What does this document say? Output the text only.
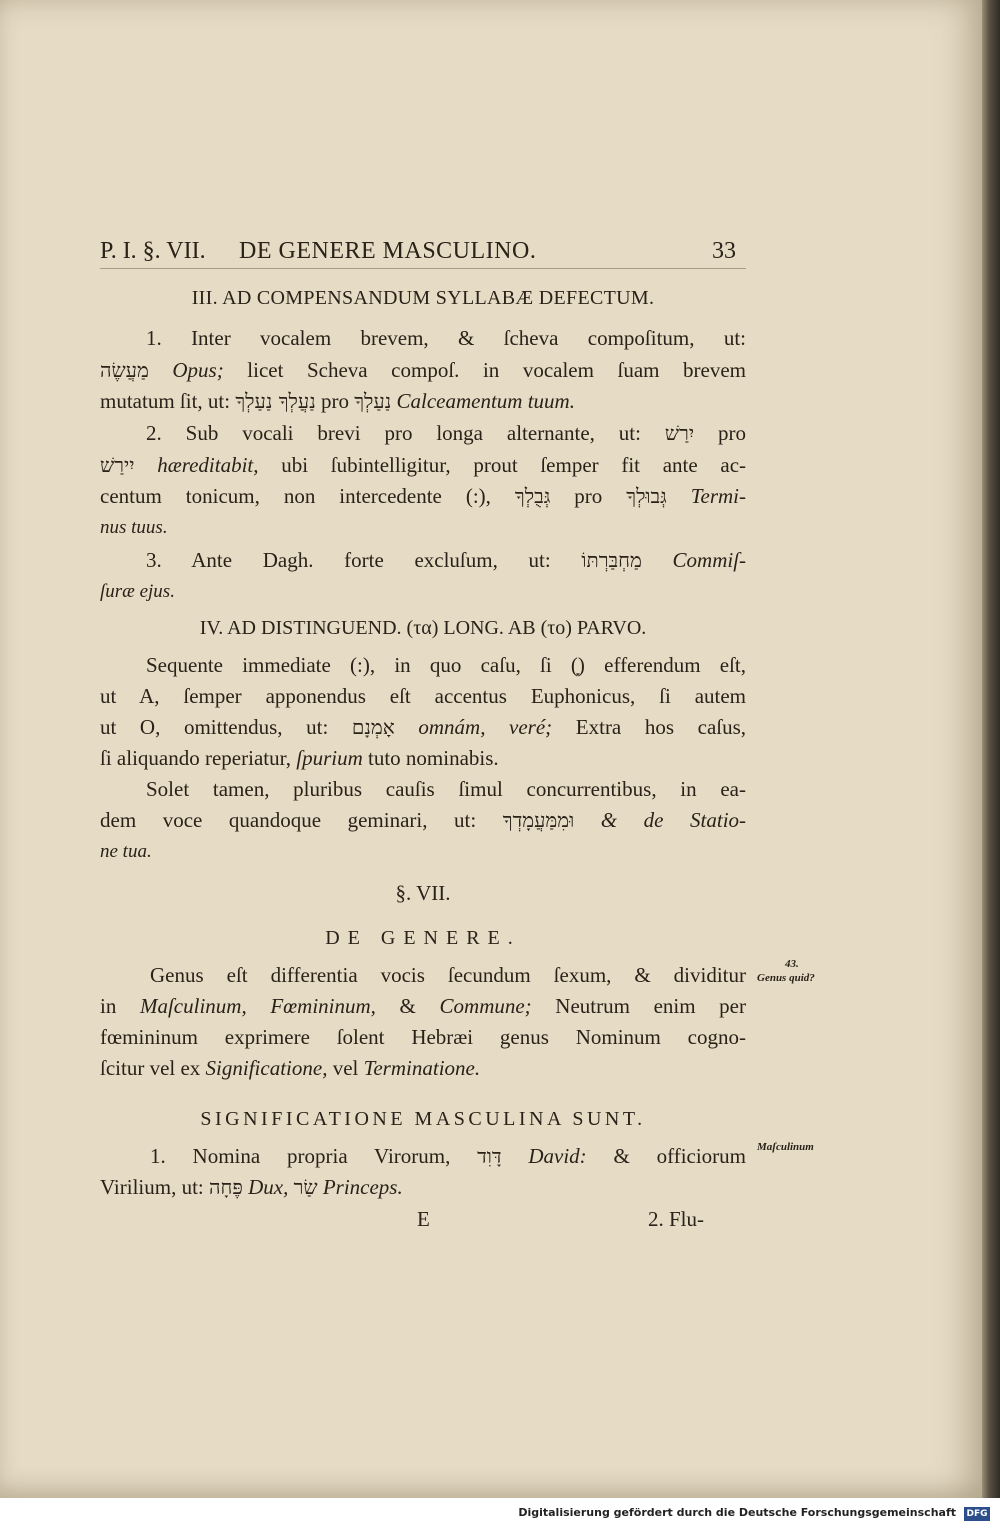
P. I. §. VII. DE GENERE MASCULINO.	33
III. AD COMPENSANDUM SYLLABÆ DEFECTUM.
1. Inter vocalem brevem, & ſcheva compoſitum, ut:
מַעֲשֶׂה Opus; licet Scheva compoſ. in vocalem ſuam brevem
mutatum ſit, ut: נַעֲלְךָ נַעַלְךָ pro נַעַלְךָ Calceamentum tuum.
2. Sub vocali brevi pro longa alternante, ut: יִרַשׁ pro
יִירַשׁ hæreditabit, ubi ſubintelligitur, prout ſemper fit ante ac-
centum tonicum, non intercedente (:), גְּבֻלְךָ pro גְּבוּלְךָ Termi-
nus tuus.
3. Ante Dagh. forte excluſum, ut: מַחְבַּרְתּוֹ Commiſ-
ſuræ ejus.
IV. AD DISTINGUEND. (τα) LONG. AB (το) PARVO.
Sequente immediate (:), in quo caſu, ſi (ָ) efferendum eſt,
ut A, ſemper apponendus eſt accentus Euphonicus, ſi autem
ut O, omittendus, ut: אָמְנָם omnám, veré; Extra hos caſus,
ſi aliquando reperiatur, ſpurium tuto nominabis.
Solet tamen, pluribus cauſis ſimul concurrentibus, in ea-
dem voce quandoque geminari, ut: וּמִמַּעֲמָדְךָ & de Statio-
ne tua.
§. VII.
DE GENERE.
Genus eſt differentia vocis ſecundum ſexum, & dividitur
in Maſculinum, Fœmininum, & Commune; Neutrum enim per
fœmininum exprimere ſolent Hebræi genus Nominum cogno-
ſcitur vel ex Significatione, vel Terminatione.
SIGNIFICATIONE MASCULINA SUNT.
1. Nomina propria Virorum, דָּוִד David: & officiorum
Virilium, ut: פֶּחָה Dux, שַׂר Princeps.
E	2. Flu-
43.
Genus quid?
Maſculinum
Digitalisierung gefördert durch die Deutsche Forschungsgemeinschaft DFG
